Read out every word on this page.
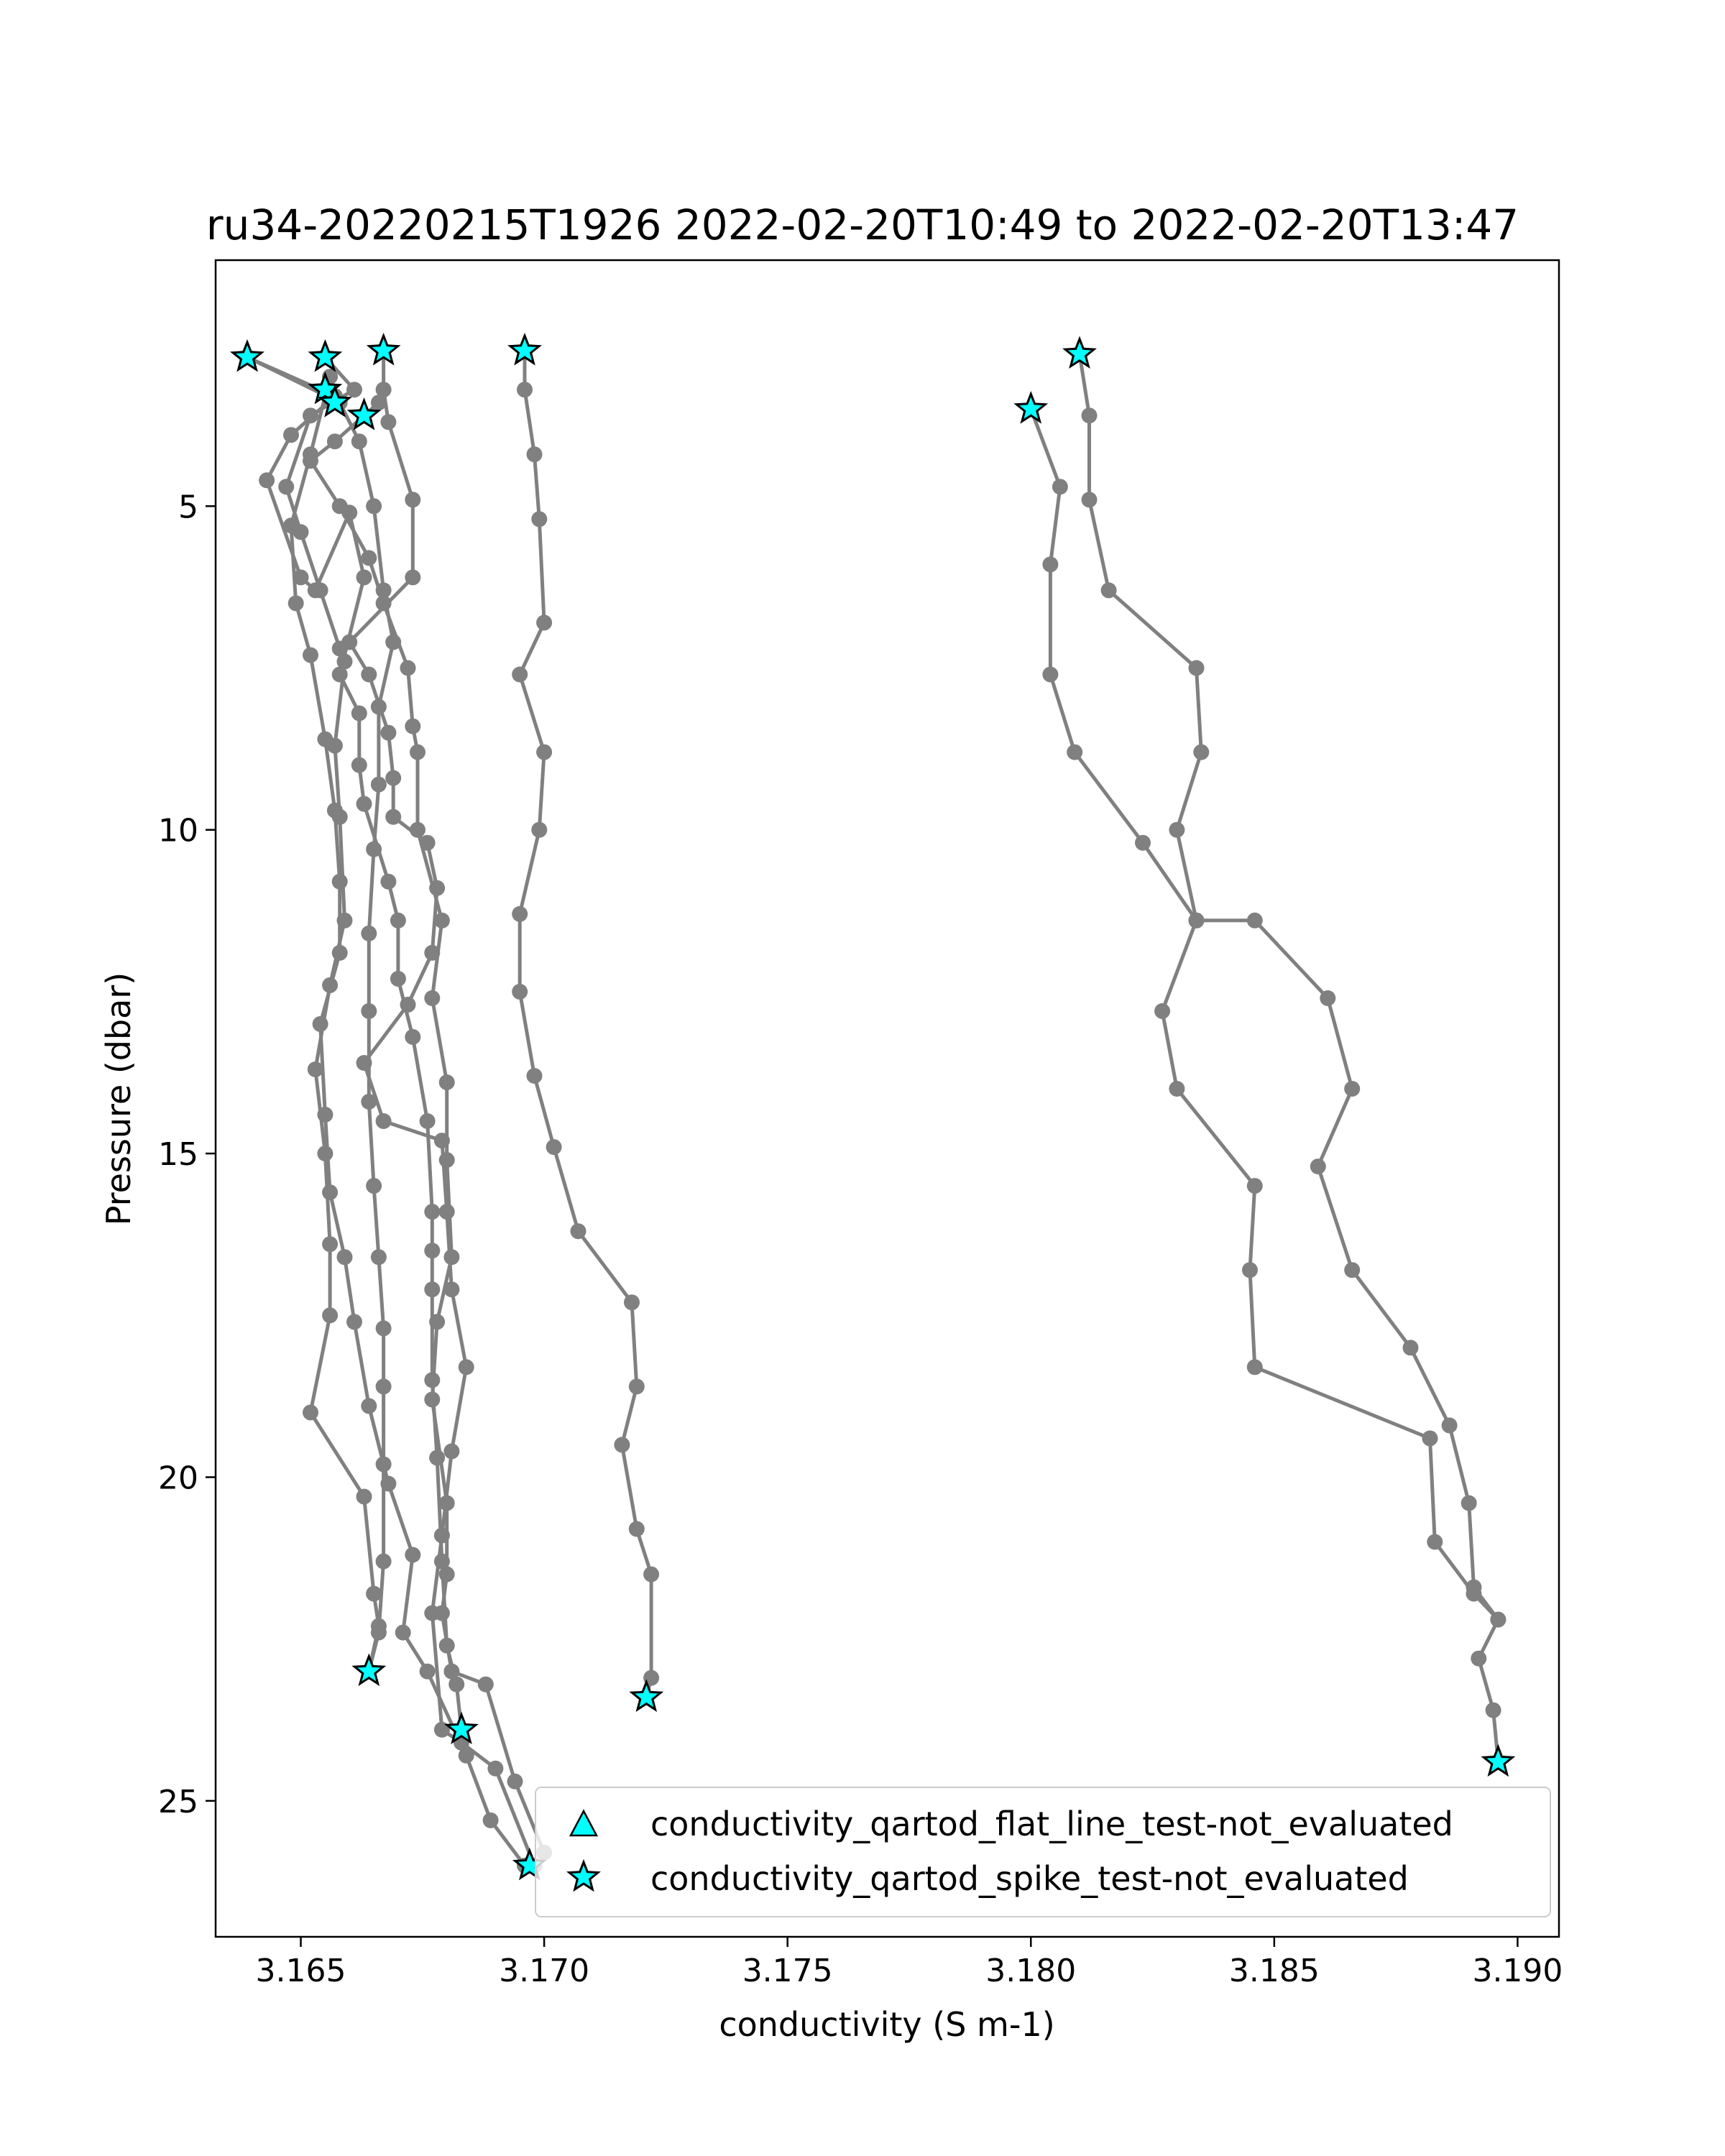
ru34-20220215T1926 2022-02-20T10:49 to 2022-02-20T13:47
3.165	3.170	3.175	3.180	3.185	3.190
5
10
15
20
25
conductivity (S m-1)
Pressure (dbar)
conductivity_qartod_flat_line_test-not_evaluated
conductivity_qartod_spike_test-not_evaluated
